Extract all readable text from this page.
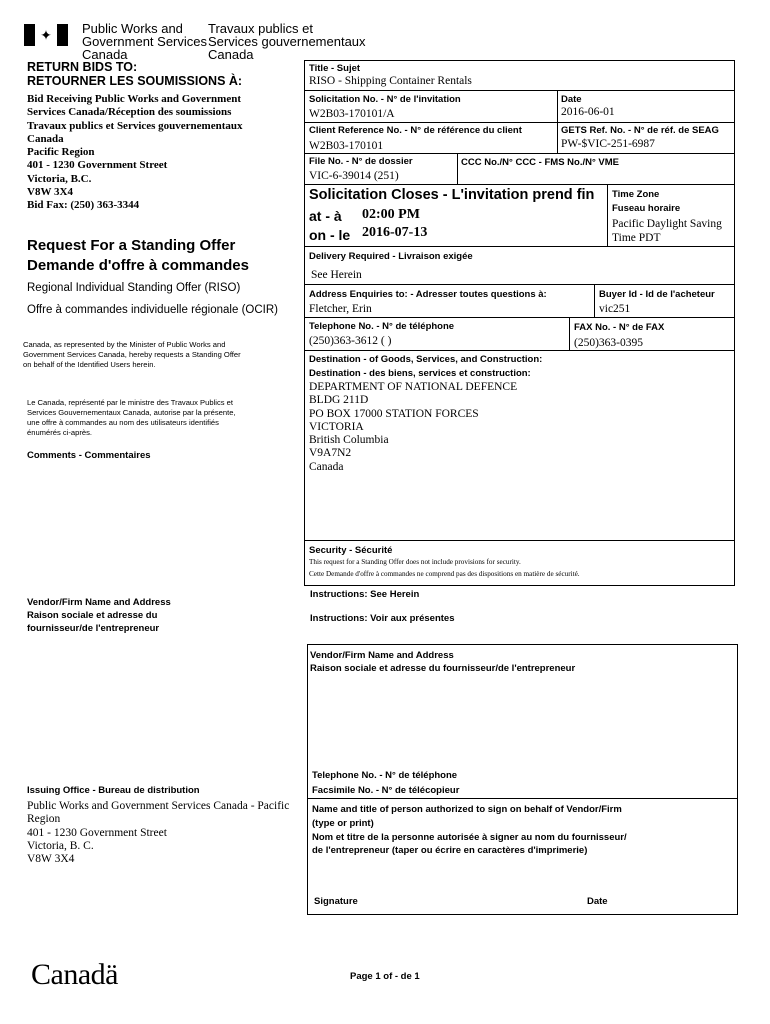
✦ Public Works and
Government Services
Canada
Travaux publics et
Services gouvernementaux
Canada
RETURN BIDS TO:
RETOURNER LES SOUMISSIONS À:
Bid Receiving Public Works and Government
Services Canada/Réception des soumissions
Travaux publics et Services gouvernementaux
Canada
Pacific Region
401 - 1230 Government Street
Victoria, B.C.
V8W 3X4
Bid Fax: (250) 363-3344
Request For a Standing Offer
Demande d'offre à commandes
Regional Individual Standing Offer (RISO)
Offre à commandes individuelle régionale (OCIR)
Canada, as represented by the Minister of Public Works and
Government Services Canada, hereby requests a Standing Offer
on behalf of the Identified Users herein.
Le Canada, représenté par le ministre des Travaux Publics et
Services Gouvernementaux Canada, autorise par la présente,
une offre à commandes au nom des utilisateurs identifiés
énumérés ci-après.
Comments - Commentaires
Vendor/Firm Name and Address
Raison sociale et adresse du
fournisseur/de l'entrepreneur
Issuing Office - Bureau de distribution
Public Works and Government Services Canada - Pacific
Region
401 - 1230 Government Street
Victoria, B. C.
V8W 3X4
Title - Sujet
RISO - Shipping Container Rentals
Solicitation No. - N° de l'invitation
W2B03-170101/A
Date
2016-06-01
Client Reference No. - N° de référence du client
W2B03-170101
GETS Ref. No. - N° de réf. de SEAG
PW-$VIC-251-6987
File No. - N° de dossier
VIC-6-39014 (251)
CCC No./N° CCC - FMS No./N° VME
Solicitation Closes - L'invitation prend fin
at - à 02:00 PM
on - le 2016-07-13
Time Zone
Fuseau horaire
Pacific Daylight Saving
Time PDT
Delivery Required - Livraison exigée
See Herein
Address Enquiries to: - Adresser toutes questions à:
Fletcher, Erin
Buyer Id - Id de l'acheteur
vic251
Telephone No. - N° de téléphone
(250)363-3612 ( )
FAX No. - N° de FAX
(250)363-0395
Destination - of Goods, Services, and Construction:
Destination - des biens, services et construction:
DEPARTMENT OF NATIONAL DEFENCE
BLDG 211D
PO BOX 17000 STATION FORCES
VICTORIA
British Columbia
V9A7N2
Canada
Security - Sécurité
This request for a Standing Offer does not include provisions for security.
Cette Demande d'offre à commandes ne comprend pas des dispositions en matière de sécurité.
Instructions: See Herein
Instructions: Voir aux présentes
Vendor/Firm Name and Address
Raison sociale et adresse du fournisseur/de l'entrepreneur
Telephone No. - N° de téléphone
Facsimile No. - N° de télécopieur
Name and title of person authorized to sign on behalf of Vendor/Firm
(type or print)
Nom et titre de la personne autorisée à signer au nom du fournisseur/
de l'entrepreneur (taper ou écrire en caractères d'imprimerie)
Signature	Date
Canadä	Page 1 of - de 1
